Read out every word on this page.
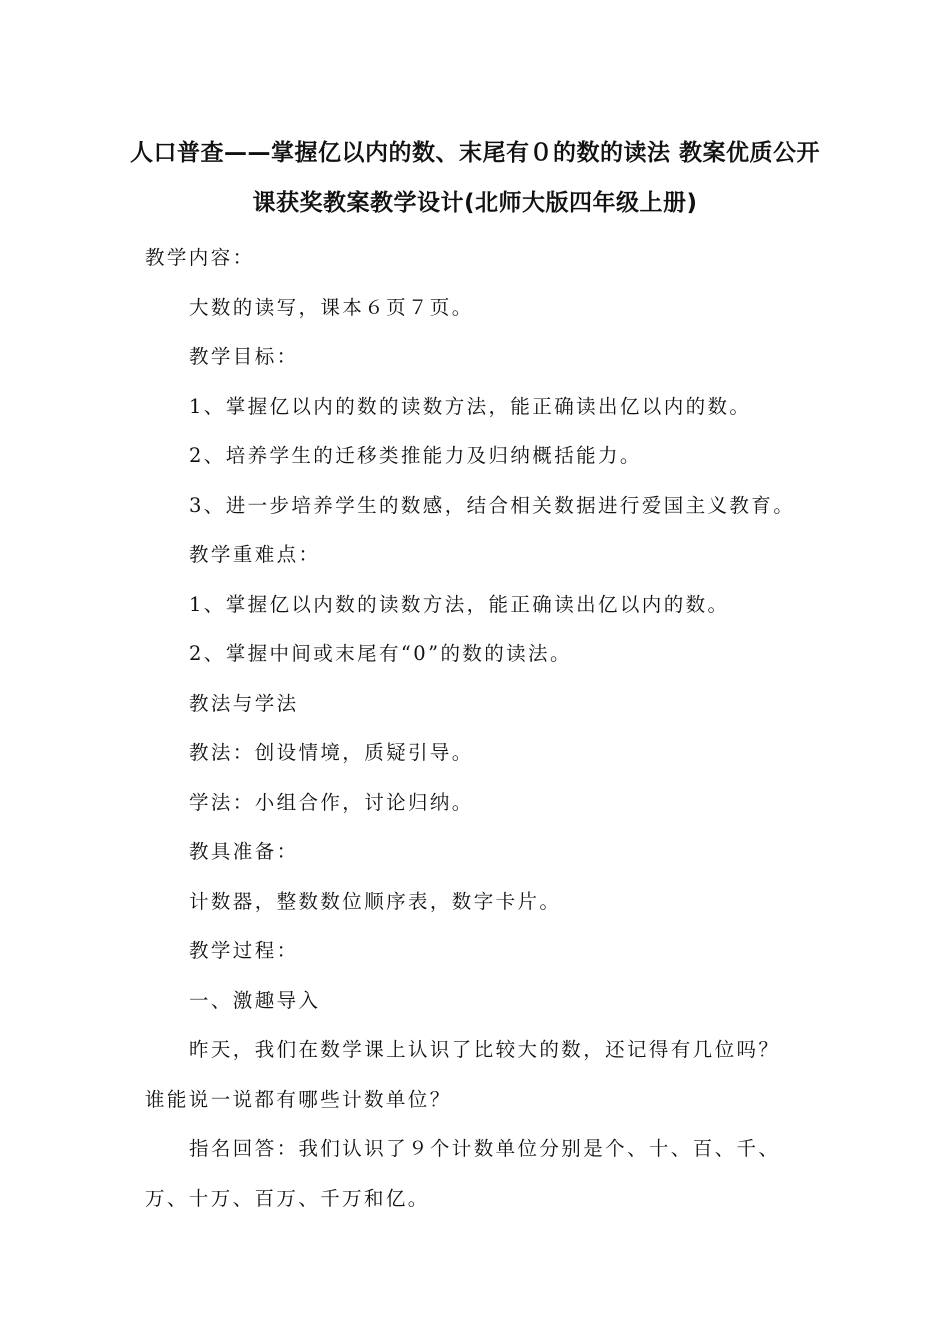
人口普查——掌握亿以内的数、末尾有０的数的读法 教案优质公开
课获奖教案教学设计(北师大版四年级上册)

教学内容：

大数的读写，课本６页７页。

教学目标：

1、掌握亿以内的数的读数方法，能正确读出亿以内的数。

2、培养学生的迁移类推能力及归纳概括能力。

3、进一步培养学生的数感，结合相关数据进行爱国主义教育。

教学重难点：

1、掌握亿以内数的读数方法，能正确读出亿以内的数。

2、掌握中间或末尾有“0”的数的读法。

教法与学法

教法：创设情境，质疑引导。

学法：小组合作，讨论归纳。

教具准备：

计数器，整数数位顺序表，数字卡片。

教学过程：

一、激趣导入

昨天，我们在数学课上认识了比较大的数，还记得有几位吗？

谁能说一说都有哪些计数单位？

指名回答：我们认识了９个计数单位分别是个、十、百、千、

万、十万、百万、千万和亿。
